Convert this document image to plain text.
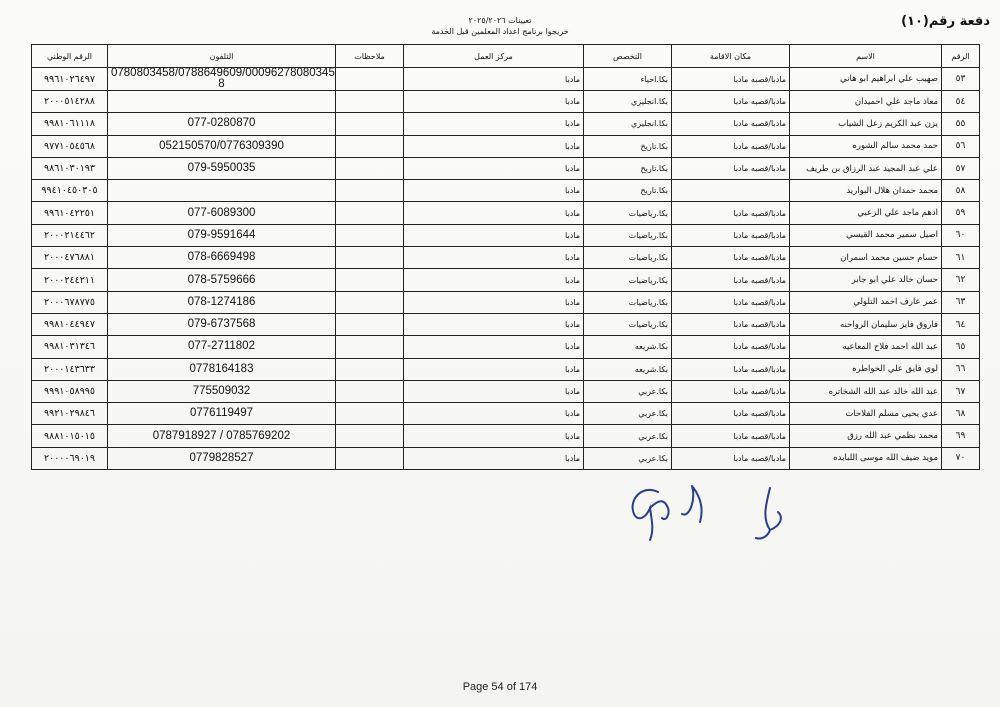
تعيينات ٢٠٢٥/٢٠٢٦
خريجوا برنامج اعداد المعلمين قبل الخدمة
دفعة رقم(١٠)
الرقم الوطني	التلفون	ملاحظات	مركز العمل	التخصص	مكان الاقامة	الاسم	الرقم
٩٩٦١٠٢٦٤٩٧	0780803458/0788649609/00096278080345 8		مادبا	بكا.احياء	مادبا/قصبه مادبا	صهيب علي ابراهيم ابو هاني	٥٣
٢٠٠٠٥١٤٢٨٨			مادبا	بكا.انجليزي	مادبا/قصبه مادبا	معاذ ماجد علي احميدان	٥٤
٩٩٨١٠٦١١١٨	077-0280870		مادبا	بكا.انجليزي	مادبا/قصبه مادبا	يزن عبد الكريم زعل الشياب	٥٥
٩٧٧١٠٥٤٥٦٨	052150570/0776309390		مادبا	بكا.تاريخ	مادبا/قصبه مادبا	حمد محمد سالم الشوره	٥٦
٩٨٦١٠٣٠١٩٣	079-5950035		مادبا	بكا.تاريخ	مادبا/قصبه مادبا	علي عبد المجيد عبد الرزاق بن طريف	٥٧
٩٩٤١٠٤٥٠٣٠٥			مادبا	بكا.تاريخ		محمد حمدان هلال البواريد	٥٨
٩٩٦١٠٤٢٢٥١	077-6089300		مادبا	بكا.رياضيات	مادبا/قصبه مادبا	ادهم ماجد علي الزعبي	٥٩
٢٠٠٠٢١٤٤٦٢	079-9591644		مادبا	بكا.رياضيات	مادبا/قصبه مادبا	اصيل سمير محمد القيسي	٦٠
٢٠٠٠٤٧٦٨٨١	078-6669498		مادبا	بكا.رياضيات	مادبا/قصبه مادبا	حسام حسين محمد اسمران	٦١
٢٠٠٠٢٤٤٢١١	078-5759666		مادبا	بكا.رياضيات	مادبا/قصبه مادبا	حسان خالد علي ابو جابر	٦٢
٢٠٠٠٦٧٨٧٧٥	078-1274186		مادبا	بكا.رياضيات	مادبا/قصبه مادبا	عمر عارف احمد التلولي	٦٣
٩٩٨١٠٤٤٩٤٧	079-6737568		مادبا	بكا.رياضيات	مادبا/قصبه مادبا	فاروق فايز سليمان الرواحنه	٦٤
٩٩٨١٠٣١٣٤٦	077-2711802		مادبا	بكا.شريعه	مادبا/قصبه مادبا	عبد الله احمد فلاح المعاعيه	٦٥
٢٠٠٠١٤٣٦٣٣	0778164183		مادبا	بكا.شريعه	مادبا/قصبه مادبا	لوي فايق علي الخواطره	٦٦
٩٩٩١٠٥٨٩٩٥	775509032		مادبا	بكا.عربي	مادبا/قصبه مادبا	عبد الله خالد عبد الله الشخاتره	٦٧
٩٩٢١٠٢٩٨٤٦	0776119497		مادبا	بكا.عربي	مادبا/قصبه مادبا	عدي يحيى مسلم الفلاحات	٦٨
٩٨٨١٠١٥٠١٥	0787918927 / 0785769202		مادبا	بكا.عربي	مادبا/قصبه مادبا	محمد نظمي عبد الله رزق	٦٩
٢٠٠٠٠٦٩٠١٩	0779828527		مادبا	بكا.عربي	مادبا/قصبه مادبا	مويد ضيف الله موسى اللبابده	٧٠
Page 54 of 174
